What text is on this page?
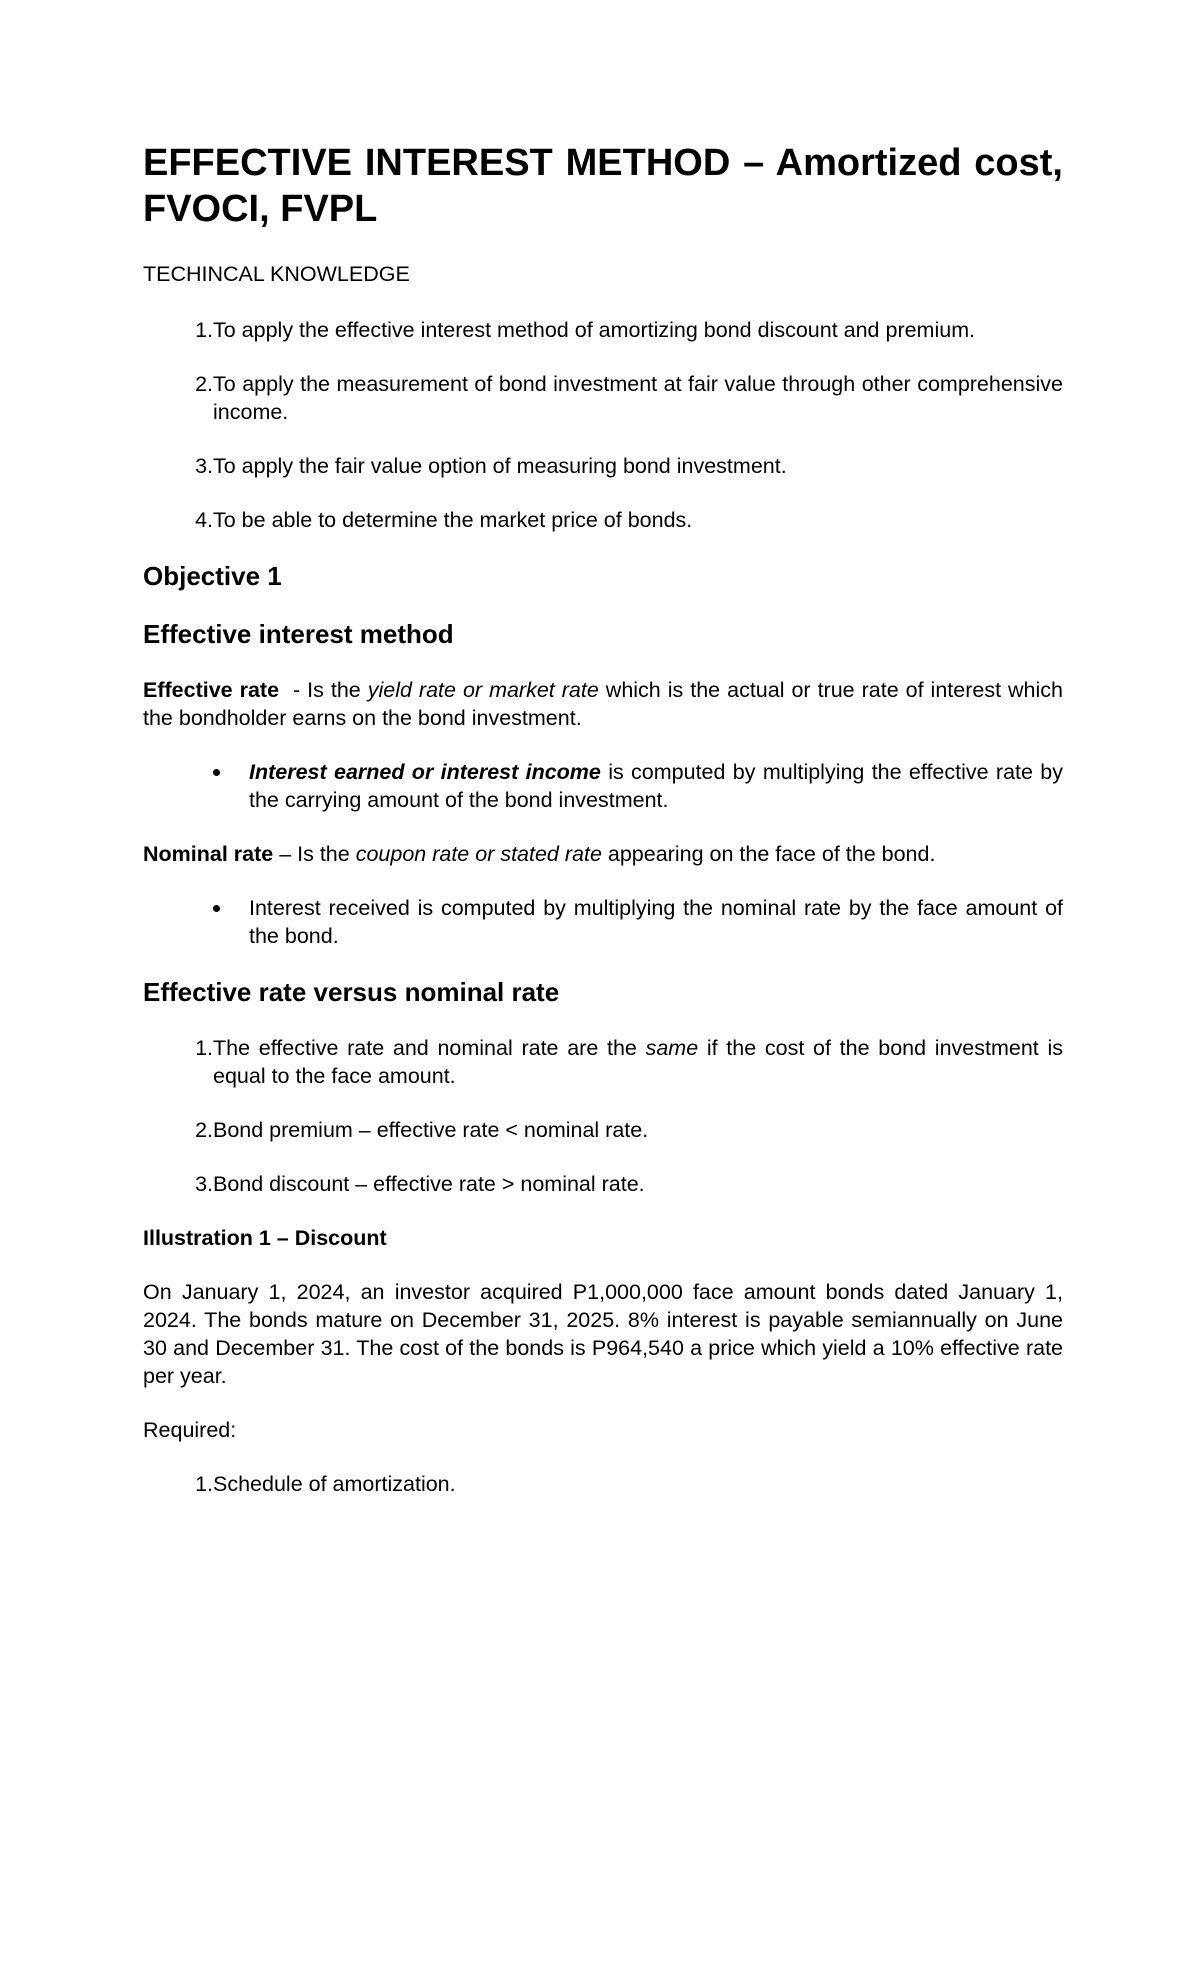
EFFECTIVE INTEREST METHOD – Amortized cost, FVOCI, FVPL
TECHINCAL KNOWLEDGE
1. To apply the effective interest method of amortizing bond discount and premium.
2. To apply the measurement of bond investment at fair value through other comprehensive income.
3. To apply the fair value option of measuring bond investment.
4. To be able to determine the market price of bonds.
Objective 1
Effective interest method

Effective rate  - Is the yield rate or market rate which is the actual or true rate of interest which the bondholder earns on the bond investment.

Interest earned or interest income is computed by multiplying the effective rate by the carrying amount of the bond investment.

Nominal rate – Is the coupon rate or stated rate appearing on the face of the bond.

Interest received is computed by multiplying the nominal rate by the face amount of the bond.
Effective rate versus nominal rate
1. The effective rate and nominal rate are the same if the cost of the bond investment is equal to the face amount.
2. Bond premium – effective rate < nominal rate.
3. Bond discount – effective rate > nominal rate.
Illustration 1 – Discount

On January 1, 2024, an investor acquired P1,000,000 face amount bonds dated January 1, 2024. The bonds mature on December 31, 2025. 8% interest is payable semiannually on June 30 and December 31. The cost of the bonds is P964,540 a price which yield a 10% effective rate per year.

Required:

1. Schedule of amortization.
